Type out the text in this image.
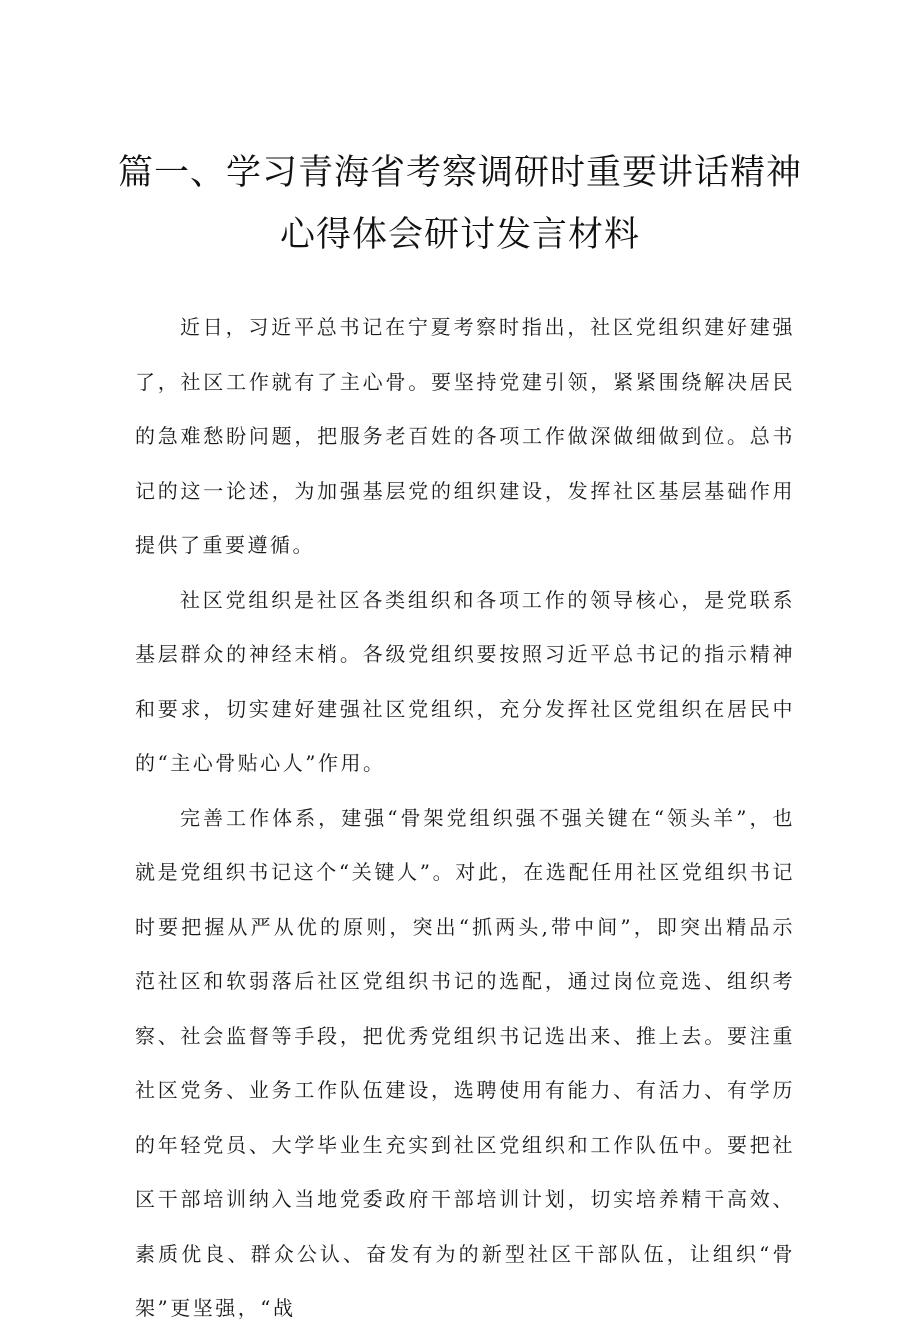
篇一、学习青海省考察调研时重要讲话精神
心得体会研讨发言材料

近日，习近平总书记在宁夏考察时指出，社区党组织建好建强了，社区工作就有了主心骨。要坚持党建引领，紧紧围绕解决居民的急难愁盼问题，把服务老百姓的各项工作做深做细做到位。总书记的这一论述，为加强基层党的组织建设，发挥社区基层基础作用提供了重要遵循。

社区党组织是社区各类组织和各项工作的领导核心，是党联系基层群众的神经末梢。各级党组织要按照习近平总书记的指示精神和要求，切实建好建强社区党组织，充分发挥社区党组织在居民中的“主心骨贴心人”作用。

完善工作体系，建强“骨架党组织强不强关键在“领头羊”，也就是党组织书记这个“关键人”。对此，在选配任用社区党组织书记时要把握从严从优的原则，突出“抓两头,带中间”，即突出精品示范社区和软弱落后社区党组织书记的选配，通过岗位竞选、组织考察、社会监督等手段，把优秀党组织书记选出来、推上去。要注重社区党务、业务工作队伍建设，选聘使用有能力、有活力、有学历的年轻党员、大学毕业生充实到社区党组织和工作队伍中。要把社区干部培训纳入当地党委政府干部培训计划，切实培养精干高效、素质优良、群众公认、奋发有为的新型社区干部队伍，让组织“骨架”更坚强，“战
